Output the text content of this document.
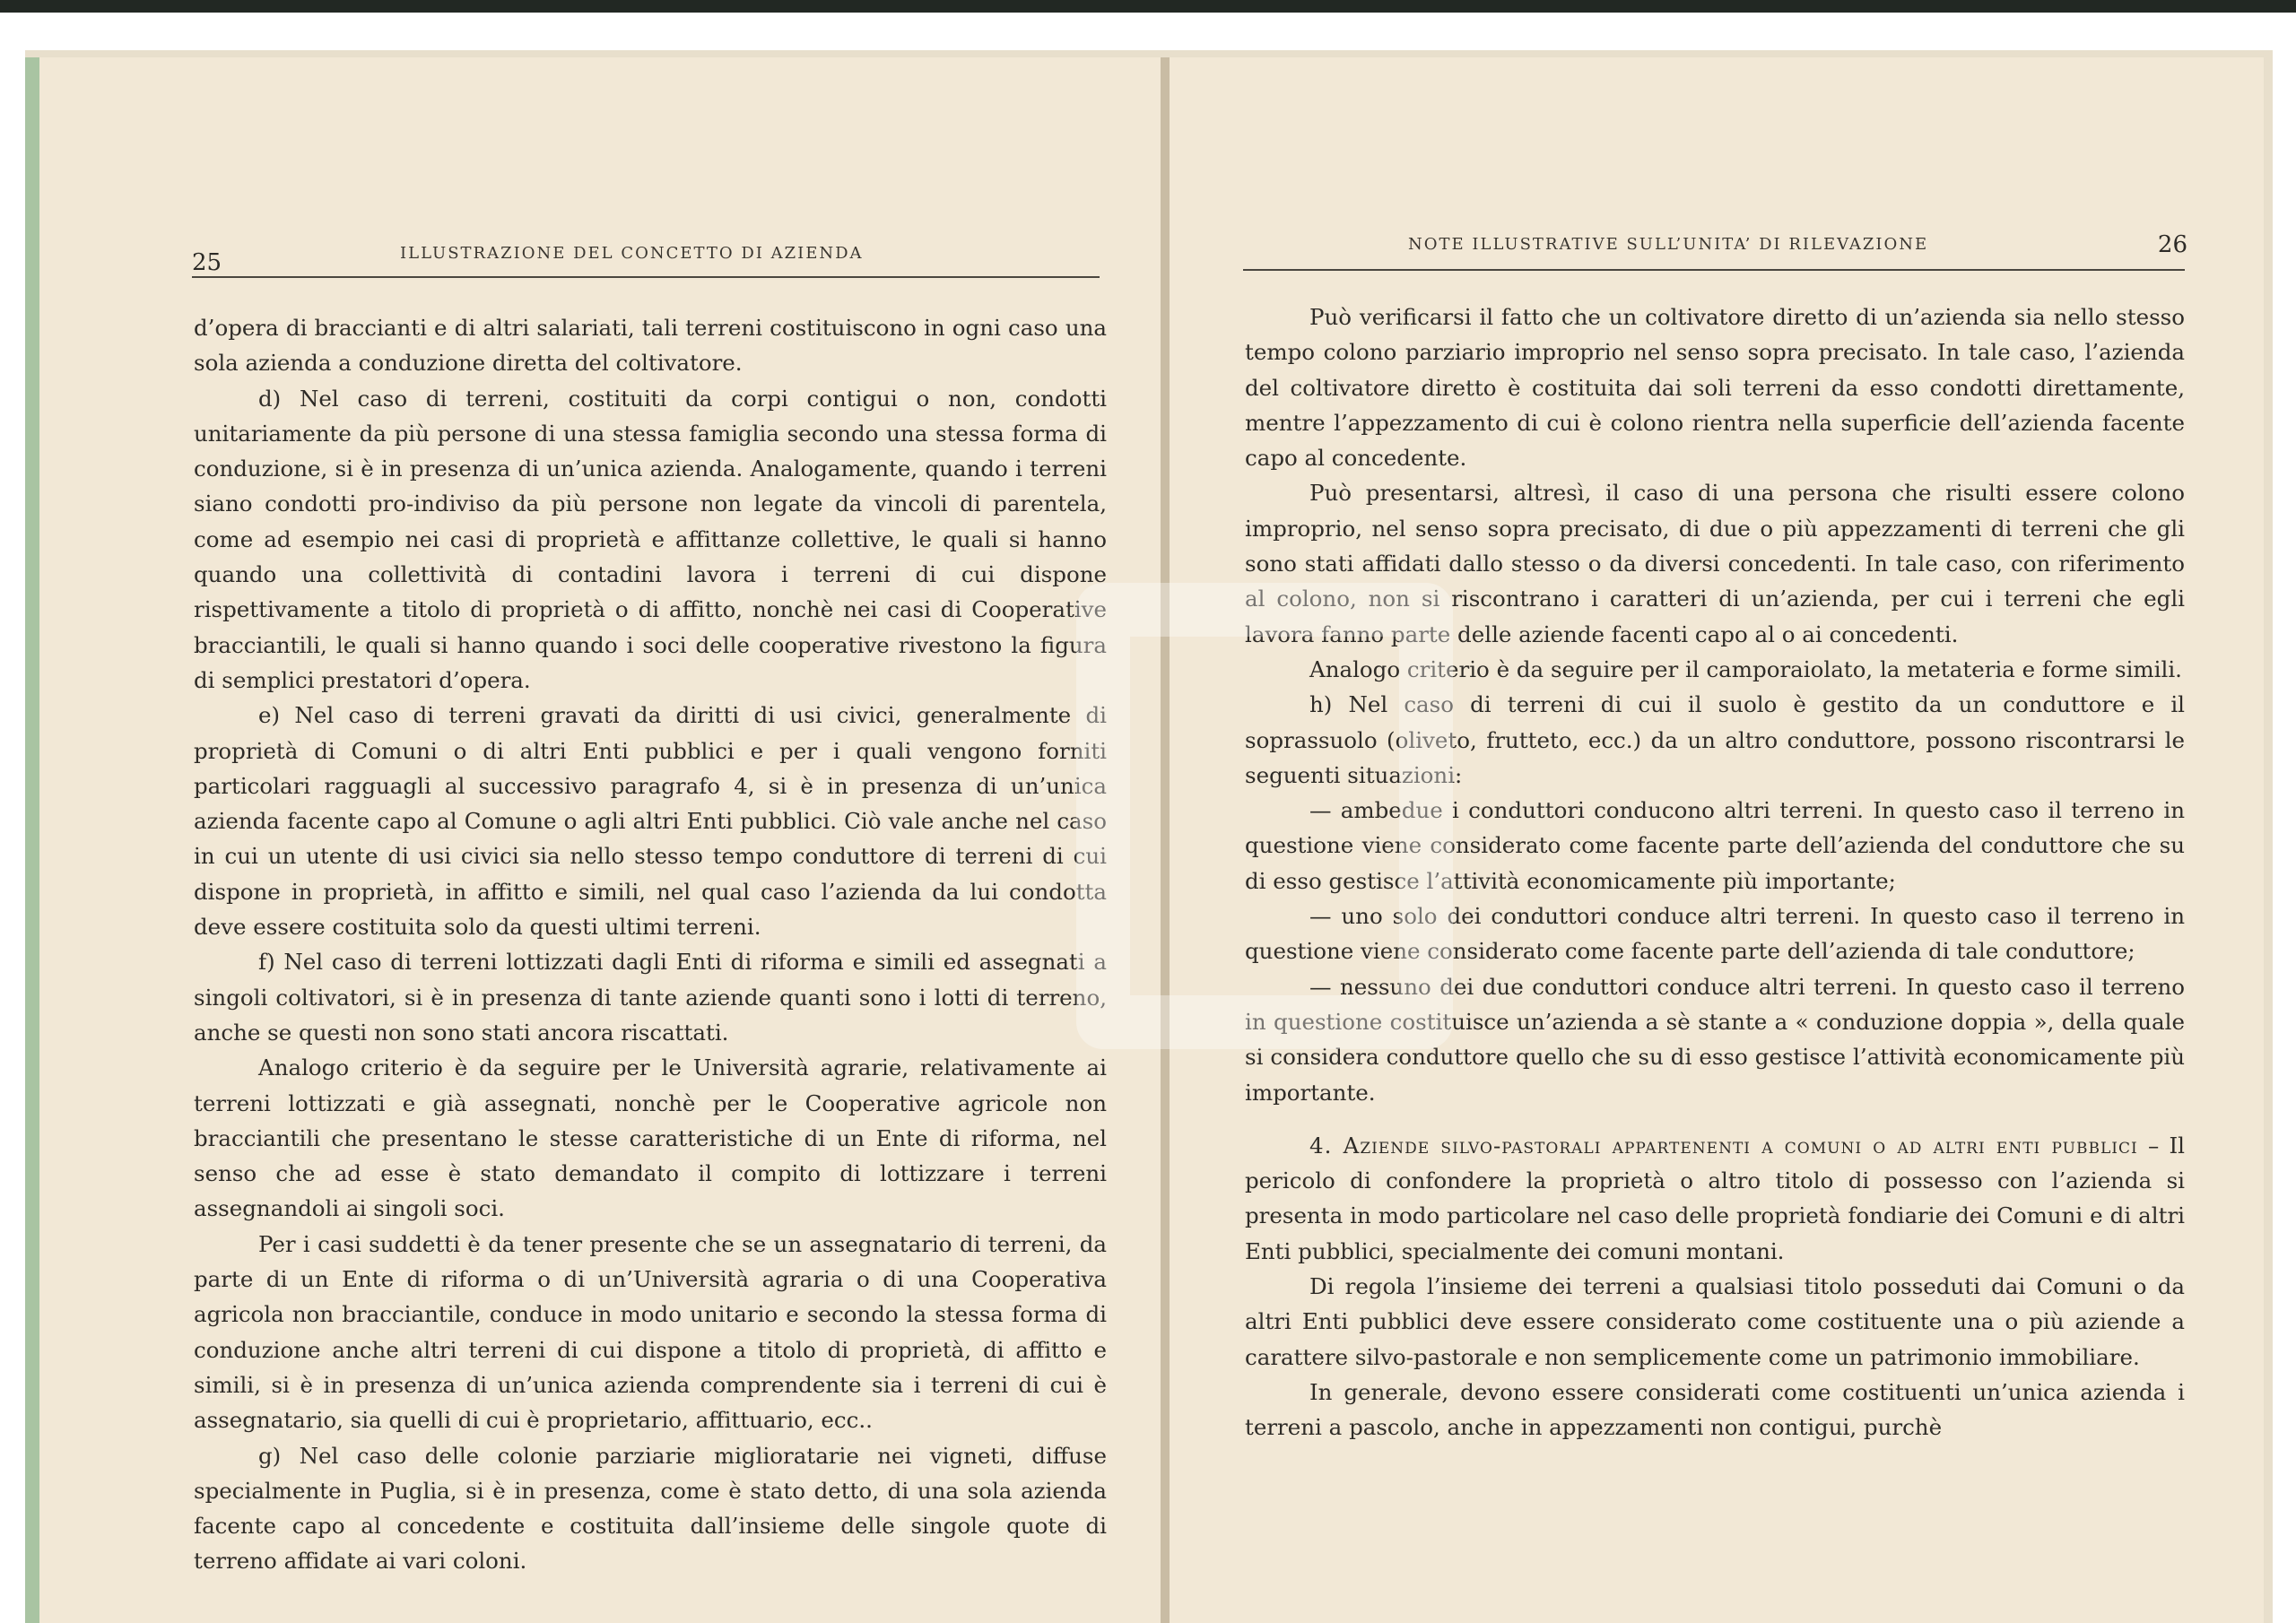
25	ILLUSTRAZIONE DEL CONCETTO DI AZIENDA

d’opera di braccianti e di altri salariati, tali terreni costituiscono in ogni caso una sola azienda a conduzione diretta del coltivatore.

d) Nel caso di terreni, costituiti da corpi contigui o non, condotti unitariamente da più persone di una stessa famiglia secondo una stessa forma di conduzione, si è in presenza di un’unica azienda. Analogamente, quando i terreni siano condotti pro-indiviso da più persone non legate da vincoli di parentela, come ad esempio nei casi di proprietà e affittanze collettive, le quali si hanno quando una collettività di contadini lavora i terreni di cui dispone rispettivamente a titolo di proprietà o di affitto, nonchè nei casi di Cooperative bracciantili, le quali si hanno quando i soci delle cooperative rivestono la figura di semplici prestatori d’opera.

e) Nel caso di terreni gravati da diritti di usi civici, generalmente di proprietà di Comuni o di altri Enti pubblici e per i quali vengono forniti particolari ragguagli al successivo paragrafo 4, si è in presenza di un’unica azienda facente capo al Comune o agli altri Enti pubblici. Ciò vale anche nel caso in cui un utente di usi civici sia nello stesso tempo conduttore di terreni di cui dispone in proprietà, in affitto e simili, nel qual caso l’azienda da lui condotta deve essere costituita solo da questi ultimi terreni.

f) Nel caso di terreni lottizzati dagli Enti di riforma e simili ed assegnati a singoli coltivatori, si è in presenza di tante aziende quanti sono i lotti di terreno, anche se questi non sono stati ancora riscattati.

Analogo criterio è da seguire per le Università agrarie, relativamente ai terreni lottizzati e già assegnati, nonchè per le Cooperative agricole non bracciantili che presentano le stesse caratteristiche di un Ente di riforma, nel senso che ad esse è stato demandato il compito di lottizzare i terreni assegnandoli ai singoli soci.

Per i casi suddetti è da tener presente che se un assegnatario di terreni, da parte di un Ente di riforma o di un’Università agraria o di una Cooperativa agricola non bracciantile, conduce in modo unitario e secondo la stessa forma di conduzione anche altri terreni di cui dispone a titolo di proprietà, di affitto e simili, si è in presenza di un’unica azienda comprendente sia i terreni di cui è assegnatario, sia quelli di cui è proprietario, affittuario, ecc..

g) Nel caso delle colonie parziarie miglioratarie nei vigneti, diffuse specialmente in Puglia, si è in presenza, come è stato detto, di una sola azienda facente capo al concedente e costituita dall’insieme delle singole quote di terreno affidate ai vari coloni.

NOTE ILLUSTRATIVE SULL’UNITA’ DI RILEVAZIONE	26

Può verificarsi il fatto che un coltivatore diretto di un’azienda sia nello stesso tempo colono parziario improprio nel senso sopra precisato. In tale caso, l’azienda del coltivatore diretto è costituita dai soli terreni da esso condotti direttamente, mentre l’appezzamento di cui è colono rientra nella superficie dell’azienda facente capo al concedente.

Può presentarsi, altresì, il caso di una persona che risulti essere colono improprio, nel senso sopra precisato, di due o più appezzamenti di terreni che gli sono stati affidati dallo stesso o da diversi concedenti. In tale caso, con riferimento al colono, non si riscontrano i caratteri di un’azienda, per cui i terreni che egli lavora fanno parte delle aziende facenti capo al o ai concedenti.

Analogo criterio è da seguire per il camporaiolato, la metateria e forme simili.

h) Nel caso di terreni di cui il suolo è gestito da un conduttore e il soprassuolo (oliveto, frutteto, ecc.) da un altro conduttore, possono riscontrarsi le seguenti situazioni:

— ambedue i conduttori conducono altri terreni. In questo caso il terreno in questione viene considerato come facente parte dell’azienda del conduttore che su di esso gestisce l’attività economicamente più importante;

— uno solo dei conduttori conduce altri terreni. In questo caso il terreno in questione viene considerato come facente parte dell’azienda di tale conduttore;

— nessuno dei due conduttori conduce altri terreni. In questo caso il terreno in questione costituisce un’azienda a sè stante a « conduzione doppia », della quale si considera conduttore quello che su di esso gestisce l’attività economicamente più importante.

4. Aziende silvo-pastorali appartenenti a comuni o ad altri enti pubblici – Il pericolo di confondere la proprietà o altro titolo di possesso con l’azienda si presenta in modo particolare nel caso delle proprietà fondiarie dei Comuni e di altri Enti pubblici, specialmente dei comuni montani.

Di regola l’insieme dei terreni a qualsiasi titolo posseduti dai Comuni o da altri Enti pubblici deve essere considerato come costituente una o più aziende a carattere silvo-pastorale e non semplicemente come un patrimonio immobiliare.

In generale, devono essere considerati come costituenti un’unica azienda i terreni a pascolo, anche in appezzamenti non contigui, purchè
